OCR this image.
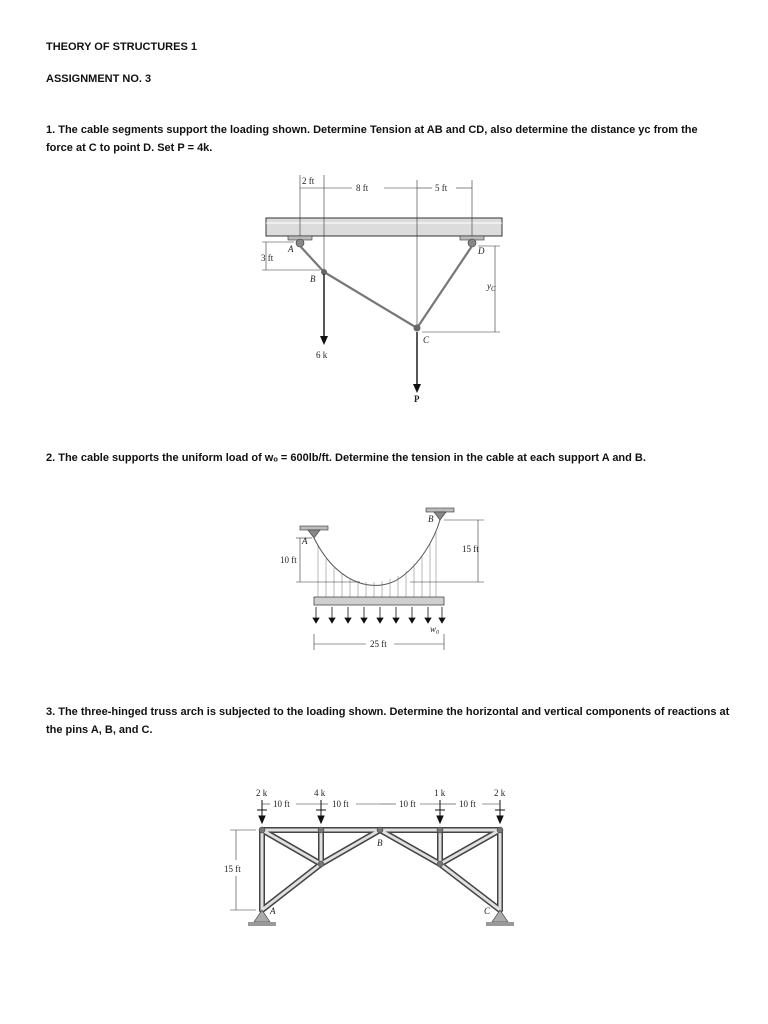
THEORY OF STRUCTURES 1

ASSIGNMENT NO. 3

1. The cable segments support the loading shown. Determine Tension at AB and CD, also determine the distance yc from the force at C to point D. Set P = 4k.

2 ft
8 ft	5 ft
3 ft
$y_C$
A
B
C
D
6 k
P

2. The cable supports the uniform load of wₒ = 600lb/ft. Determine the tension in the cable at each support A and B.

$w_0$
10 ft
15 ft
25 ft
A
B

3. The three-hinged truss arch is subjected to the loading shown. Determine the horizontal and vertical components of reactions at the pins A, B, and C.

2 k	4 k	1 k	2 k
10 ft	10 ft	10 ft	10 ft
15 ft
A
B
C
